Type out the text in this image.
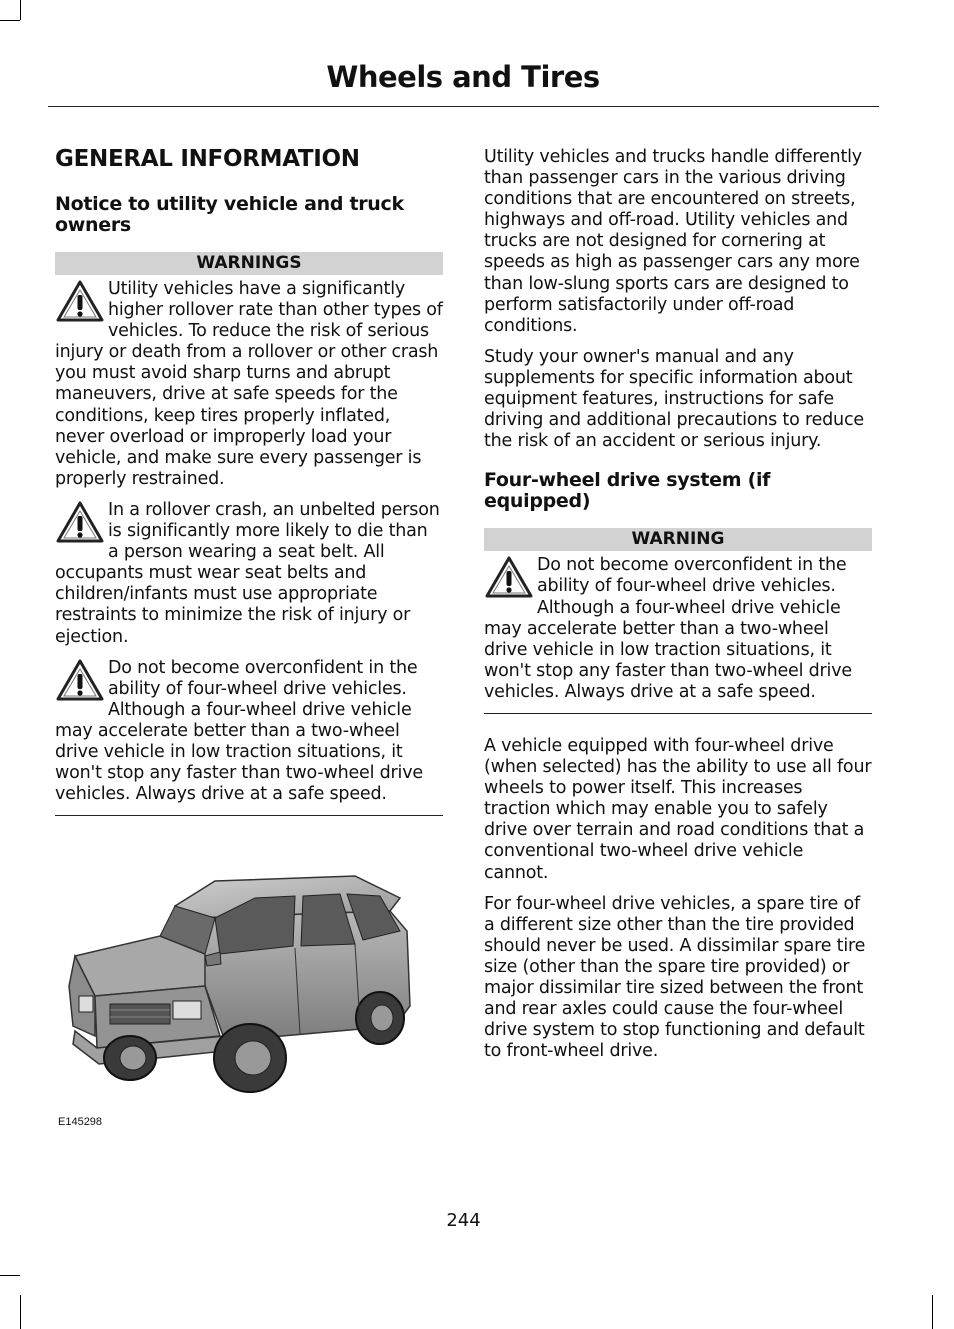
Wheels and Tires
GENERAL INFORMATION
Notice to utility vehicle and truck owners
WARNINGS

Utility vehicles have a significantly higher rollover rate than other types of vehicles. To reduce the risk of serious injury or death from a rollover or other crash you must avoid sharp turns and abrupt maneuvers, drive at safe speeds for the conditions, keep tires properly inflated, never overload or improperly load your vehicle, and make sure every passenger is properly restrained.

In a rollover crash, an unbelted person is significantly more likely to die than a person wearing a seat belt. All occupants must wear seat belts and children/infants must use appropriate restraints to minimize the risk of injury or ejection.

Do not become overconfident in the ability of four-wheel drive vehicles. Although a four-wheel drive vehicle may accelerate better than a two-wheel drive vehicle in low traction situations, it won't stop any faster than two-wheel drive vehicles. Always drive at a safe speed.

E145298

Utility vehicles and trucks handle differently than passenger cars in the various driving conditions that are encountered on streets, highways and off-road. Utility vehicles and trucks are not designed for cornering at speeds as high as passenger cars any more than low-slung sports cars are designed to perform satisfactorily under off-road conditions.

Study your owner's manual and any supplements for specific information about equipment features, instructions for safe driving and additional precautions to reduce the risk of an accident or serious injury.

Four-wheel drive system (if equipped)
WARNING

Do not become overconfident in the ability of four-wheel drive vehicles. Although a four-wheel drive vehicle may accelerate better than a two-wheel drive vehicle in low traction situations, it won't stop any faster than two-wheel drive vehicles. Always drive at a safe speed.

A vehicle equipped with four-wheel drive (when selected) has the ability to use all four wheels to power itself. This increases traction which may enable you to safely drive over terrain and road conditions that a conventional two-wheel drive vehicle cannot.

For four-wheel drive vehicles, a spare tire of a different size other than the tire provided should never be used. A dissimilar spare tire size (other than the spare tire provided) or major dissimilar tire sized between the front and rear axles could cause the four-wheel drive system to stop functioning and default to front-wheel drive.

244
